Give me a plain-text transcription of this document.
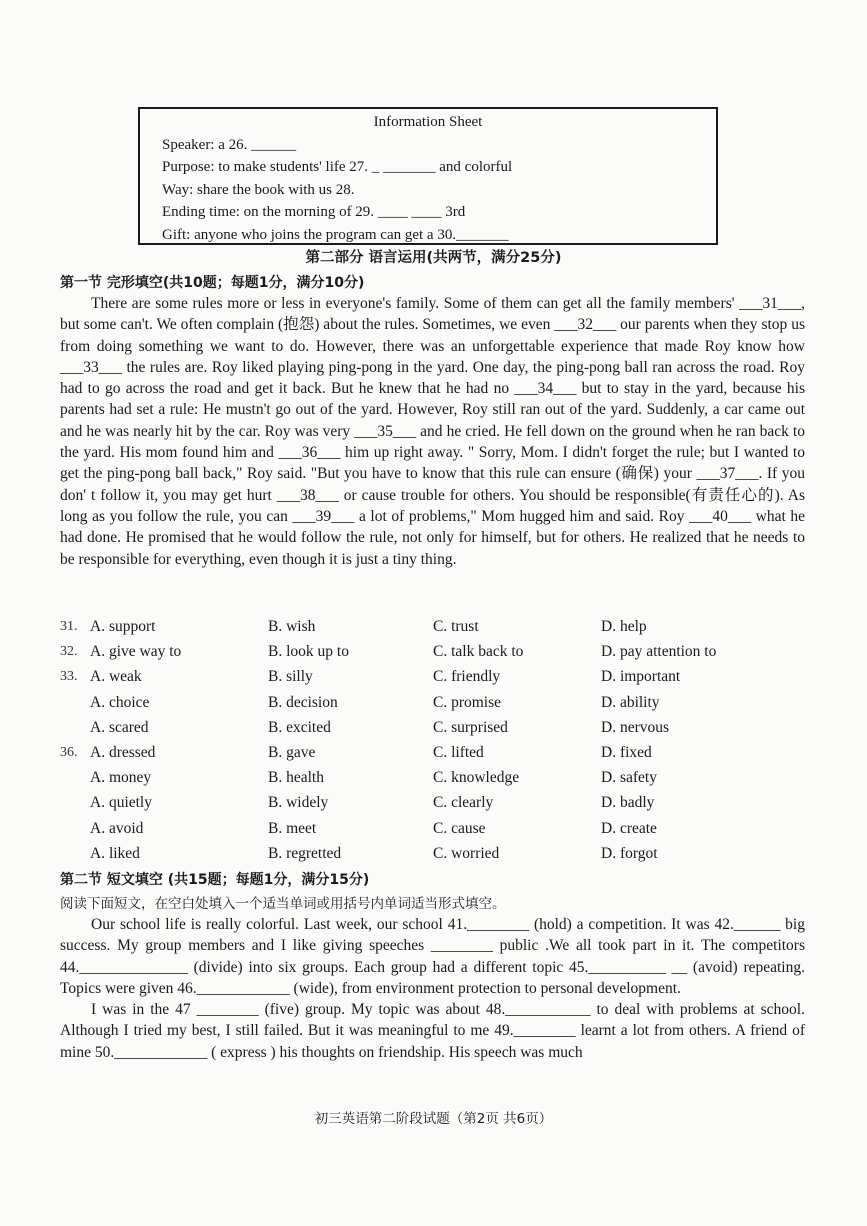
Information Sheet
Speaker: a 26. ______
Purpose: to make students' life 27. _ _______ and colorful
Way: share the book with us 28.
Ending time: on the morning of 29. ____ ____ 3rd
Gift: anyone who joins the program can get a 30._______
第二部分 语言运用(共两节，满分25分)
第一节 完形填空(共10题；每题1分，满分10分)

There are some rules more or less in everyone's family. Some of them can get all the family members' ___31___, but some can't. We often complain (抱怨) about the rules. Sometimes, we even ___32___ our parents when they stop us from doing something we want to do. However, there was an unforgettable experience that made Roy know how ___33___ the rules are. Roy liked playing ping-pong in the yard. One day, the ping-pong ball ran across the road. Roy had to go across the road and get it back. But he knew that he had no ___34___ but to stay in the yard, because his parents had set a rule: He mustn't go out of the yard. However, Roy still ran out of the yard. Suddenly, a car came out and he was nearly hit by the car. Roy was very ___35___ and he cried. He fell down on the ground when he ran back to the yard. His mom found him and ___36___ him up right away. " Sorry, Mom. I didn't forget the rule; but I wanted to get the ping-pong ball back," Roy said. "But you have to know that this rule can ensure (确保) your ___37___. If you don' t follow it, you may get hurt ___38___ or cause trouble for others. You should be responsible(有责任心的). As long as you follow the rule, you can ___39___ a lot of problems," Mom hugged him and said. Roy ___40___ what he had done. He promised that he would follow the rule, not only for himself, but for others. He realized that he needs to be responsible for everything, even though it is just a tiny thing.

31. A. support	B. wish	C. trust	D. help
32. A. give way to	B. look up to	C. talk back to	D. pay attention to
33. A. weak	B. silly	C. friendly	D. important
A. choice	B. decision	C. promise	D. ability
A. scared	B. excited	C. surprised	D. nervous
36. A. dressed	B. gave	C. lifted	D. fixed
A. money	B. health	C. knowledge	D. safety
A. quietly	B. widely	C. clearly	D. badly
A. avoid	B. meet	C. cause	D. create
A. liked	B. regretted	C. worried	D. forgot
第二节 短文填空 (共15题；每题1分，满分15分)
阅读下面短文，在空白处填入一个适当单词或用括号内单词适当形式填空。

Our school life is really colorful. Last week, our school 41.________ (hold) a competition. It was 42.______ big success. My group members and I like giving speeches ________ public .We all took part in it. The competitors 44.______________ (divide) into six groups. Each group had a different topic 45.__________ __ (avoid) repeating. Topics were given 46.____________ (wide), from environment protection to personal development.

I was in the 47 ________ (five) group. My topic was about 48.___________ to deal with problems at school. Although I tried my best, I still failed. But it was meaningful to me 49.________ learnt a lot from others. A friend of mine 50.____________ ( express ) his thoughts on friendship. His speech was much

初三英语第二阶段试题（第2页 共6页）
